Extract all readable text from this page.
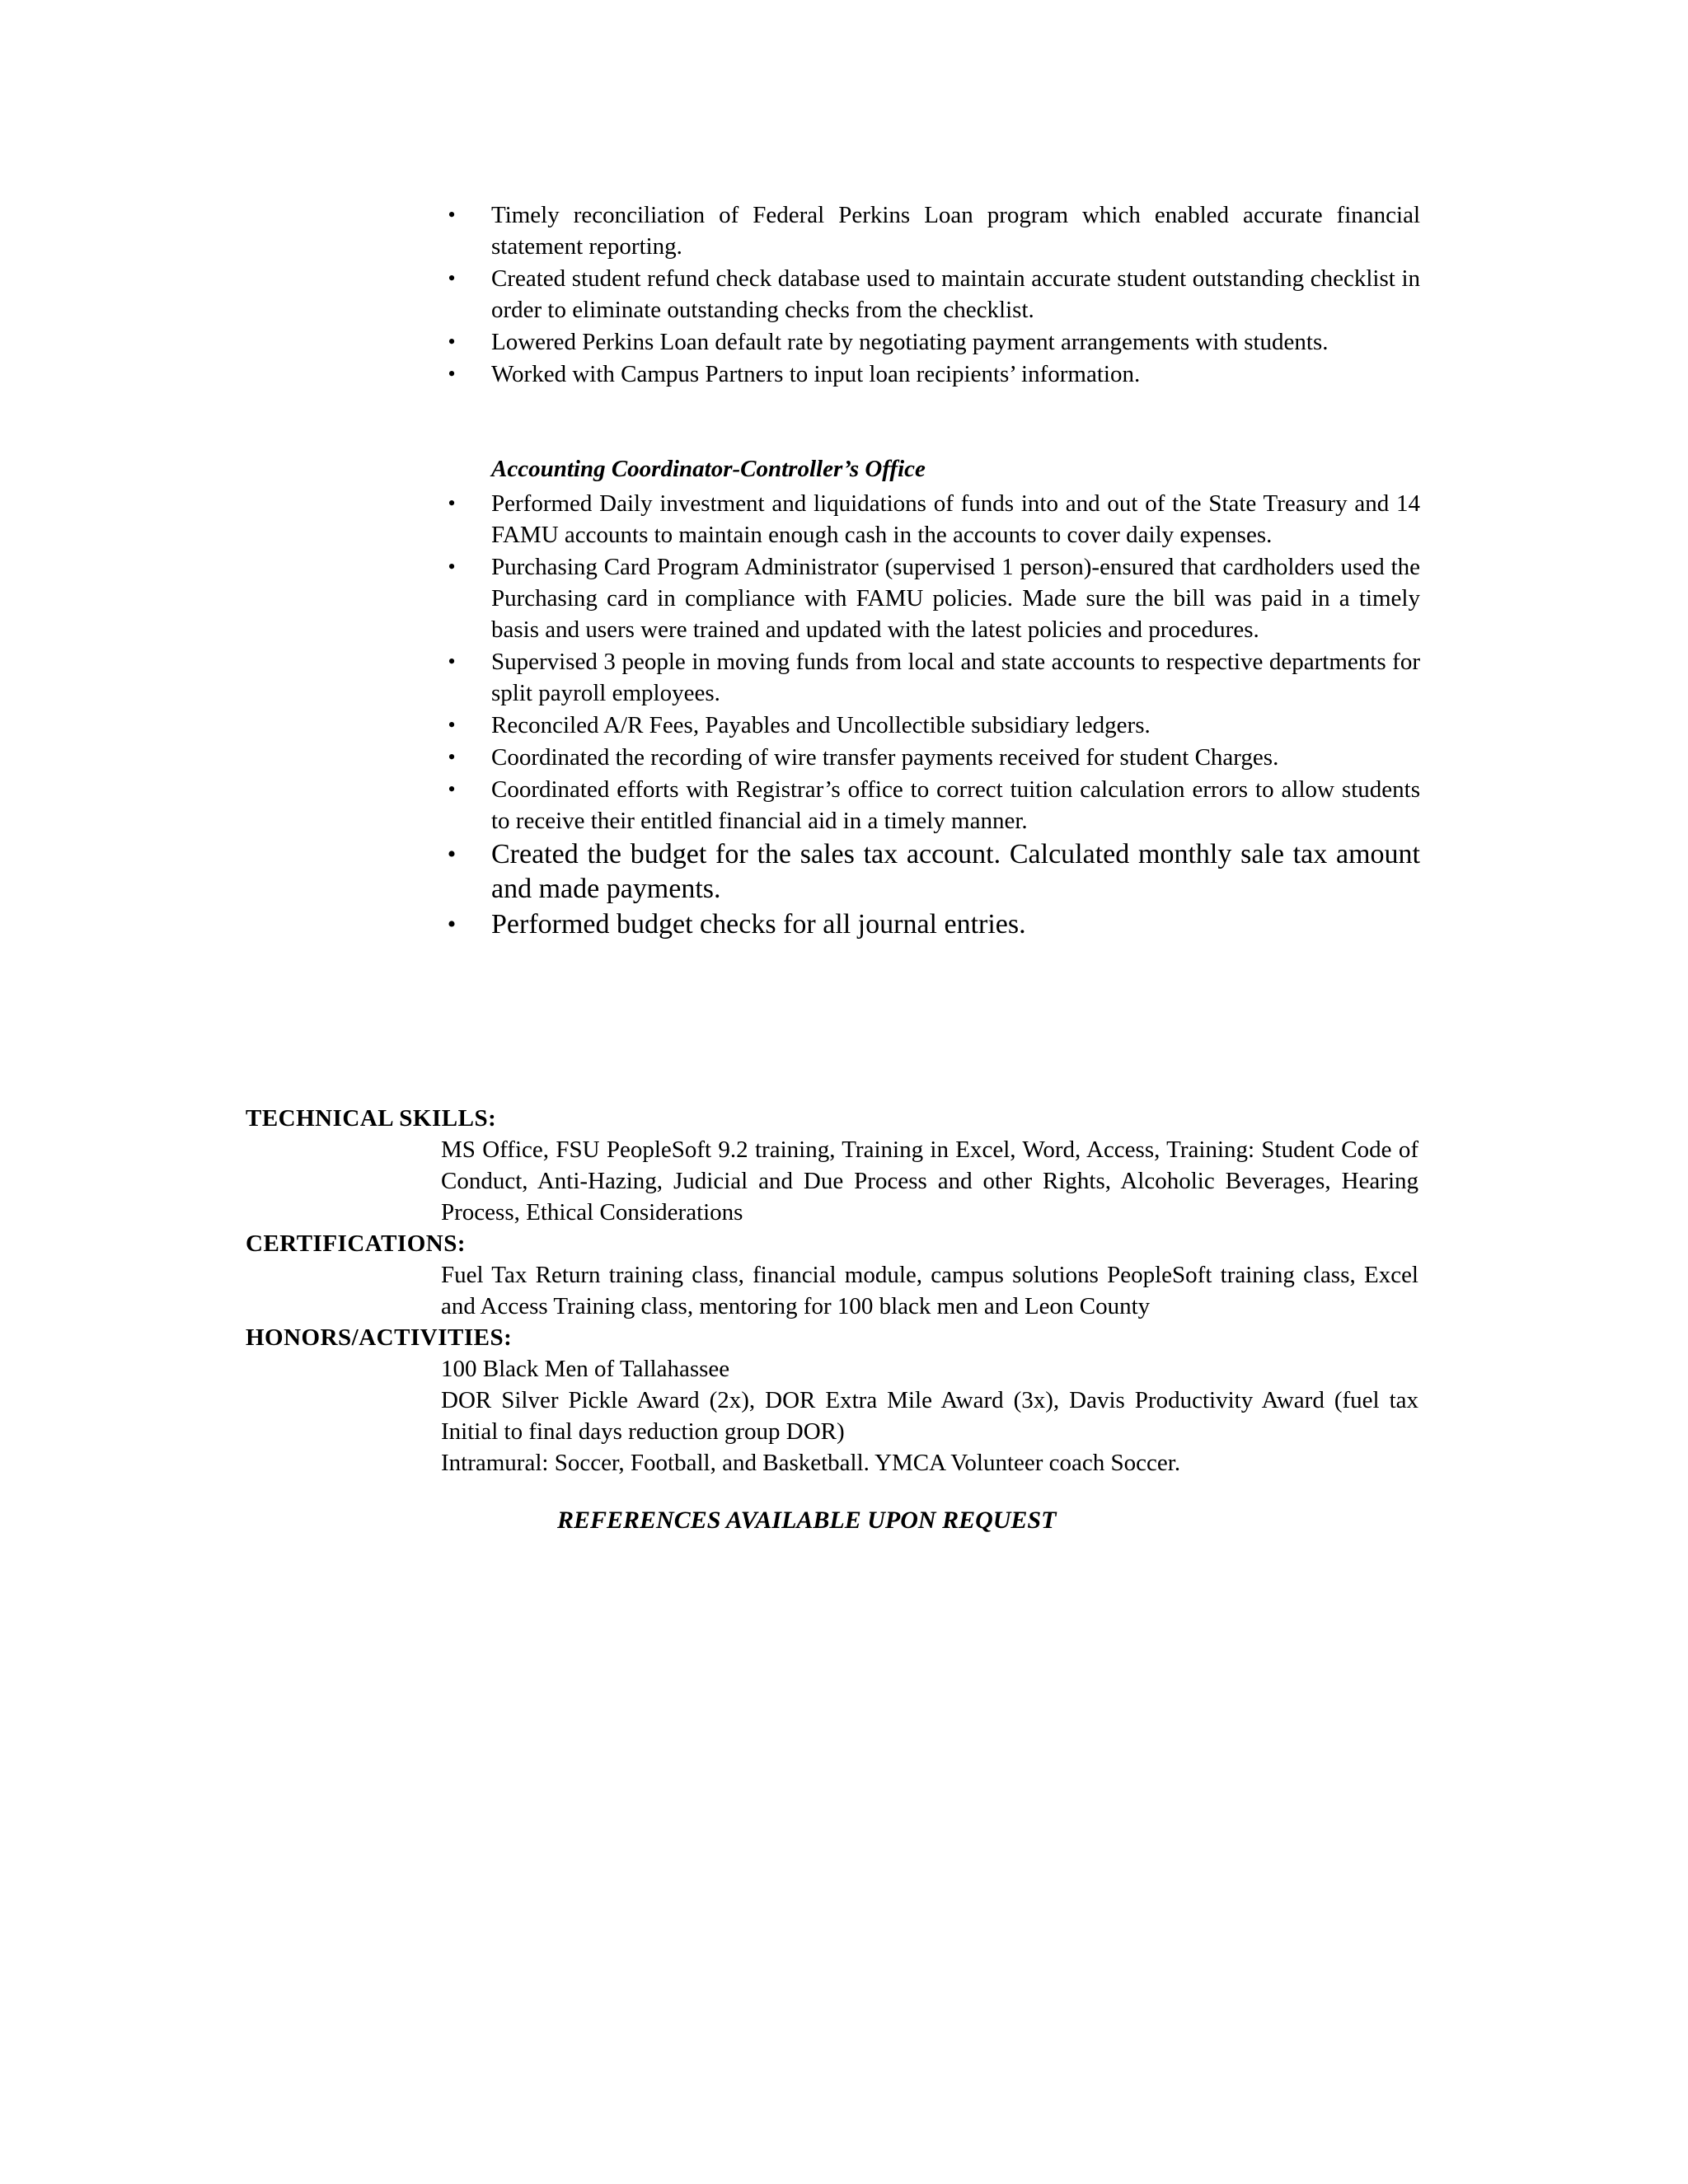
• Timely reconciliation of Federal Perkins Loan program which enabled accurate financial statement reporting.
• Created student refund check database used to maintain accurate student outstanding checklist in order to eliminate outstanding checks from the checklist.
• Lowered Perkins Loan default rate by negotiating payment arrangements with students.
• Worked with Campus Partners to input loan recipients’ information.
Accounting Coordinator-Controller’s Office
• Performed Daily investment and liquidations of funds into and out of the State Treasury and 14 FAMU accounts to maintain enough cash in the accounts to cover daily expenses.
• Purchasing Card Program Administrator (supervised 1 person)-ensured that cardholders used the Purchasing card in compliance with FAMU policies. Made sure the bill was paid in a timely basis and users were trained and updated with the latest policies and procedures.
• Supervised 3 people in moving funds from local and state accounts to respective departments for split payroll employees.
• Reconciled A/R Fees, Payables and Uncollectible subsidiary ledgers.
• Coordinated the recording of wire transfer payments received for student Charges.
• Coordinated efforts with Registrar’s office to correct tuition calculation errors to allow students to receive their entitled financial aid in a timely manner.
• Created the budget for the sales tax account. Calculated monthly sale tax amount and made payments.
• Performed budget checks for all journal entries.
TECHNICAL SKILLS:

MS Office, FSU PeopleSoft 9.2 training, Training in Excel, Word, Access, Training: Student Code of Conduct, Anti-Hazing, Judicial and Due Process and other Rights, Alcoholic Beverages, Hearing Process, Ethical Considerations

CERTIFICATIONS:

Fuel Tax Return training class, financial module, campus solutions PeopleSoft training class, Excel and Access Training class, mentoring for 100 black men and Leon County

HONORS/ACTIVITIES:

100 Black Men of Tallahassee

DOR Silver Pickle Award (2x), DOR Extra Mile Award (3x), Davis Productivity Award (fuel tax Initial to final days reduction group DOR)

Intramural: Soccer, Football, and Basketball. YMCA Volunteer coach Soccer.

REFERENCES AVAILABLE UPON REQUEST
